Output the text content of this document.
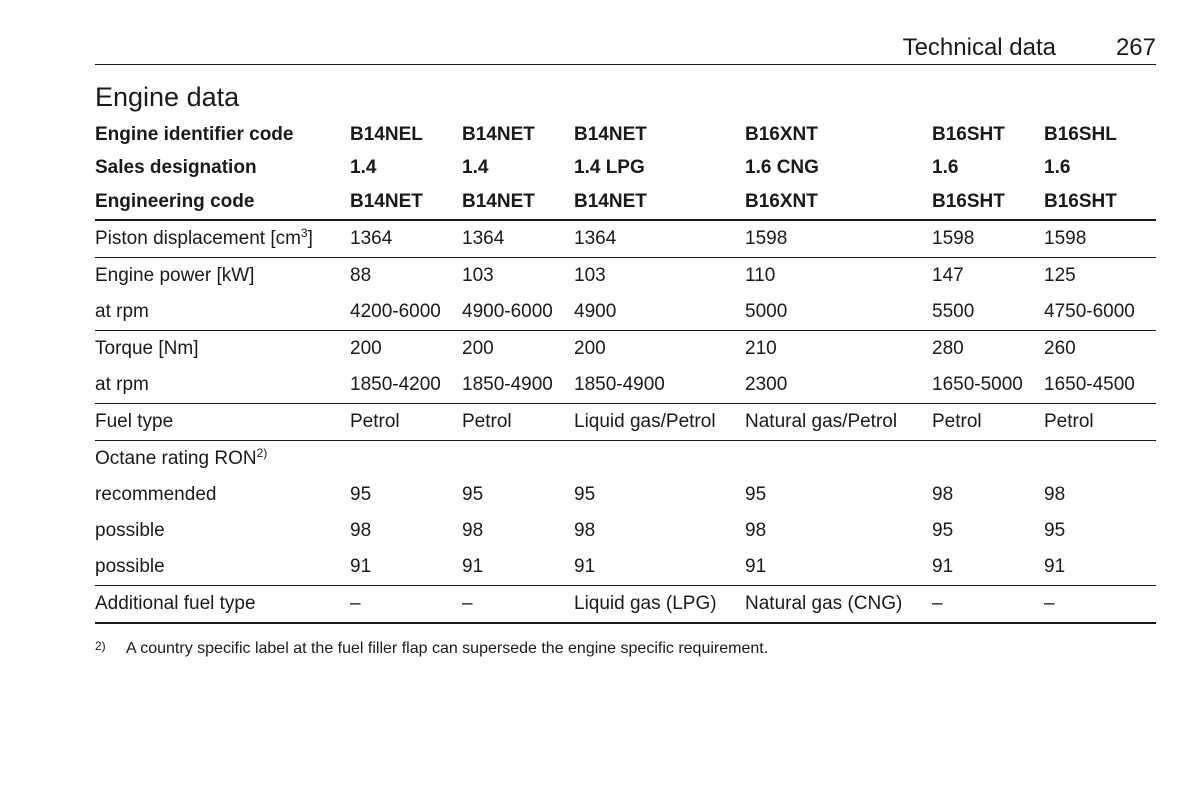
Technical data 267
Engine data
Engine identifier code	B14NEL	B14NET	B14NET	B16XNT	B16SHT	B16SHL
Sales designation	1.4	1.4	1.4 LPG	1.6 CNG	1.6	1.6
Engineering code	B14NET	B14NET	B14NET	B16XNT	B16SHT	B16SHT
Piston displacement $[cm^3]$	1364	1364	1364	1598	1598	1598
Engine power [kW]	88	103	103	110	147	125
at rpm	4200-6000	4900-6000	4900	5000	5500	4750-6000
Torque [Nm]	200	200	200	210	280	260
at rpm	1850-4200	1850-4900	1850-4900	2300	1650-5000	1650-4500
Fuel type	Petrol	Petrol	Liquid gas/Petrol	Natural gas/Petrol	Petrol	Petrol
Octane rating RON$^{2)}$						
recommended	95	95	95	95	98	98
possible	98	98	98	98	95	95
possible	91	91	91	91	91	91
Additional fuel type	–	–	Liquid gas (LPG)	Natural gas (CNG)	–	–
2) A country specific label at the fuel filler flap can supersede the engine specific requirement.
